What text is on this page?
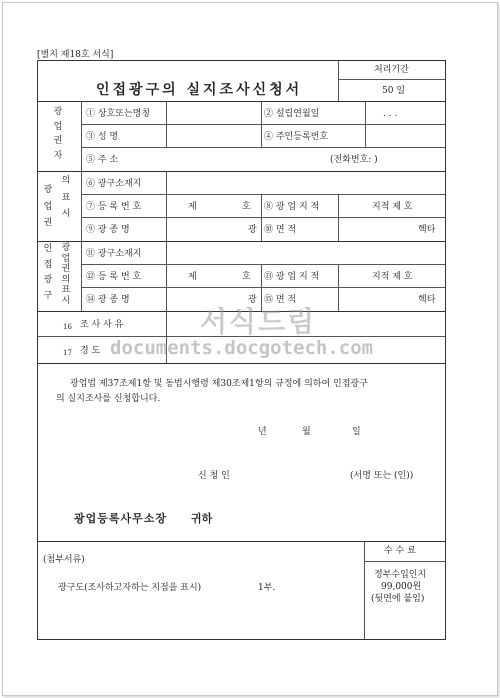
[별지 제18호 서식]
인접광구의 실지조사신청서
처리기간
50 일
광
업
권
자
① 상호또는명칭	② 설립연월일	. . .
③ 성 명	④ 주민등록번호
⑤ 주 소	(전화번호: )
광
업
권
의
표
시
⑥ 광구소재지
⑦ 등 록 번 호	제	호 ⑧ 광 업 지 적	지적 제 호
⑨ 광 종 명	광 ⑩ 면 적	헥타
인
접
광
구
광
업
권
의
표
시
⑪ 광구소재지
⑫ 등 록 번 호	제	호 ⑬ 광 업 지 적	지적 제 호
⑭ 광 종 명	광 ⑮ 면 적	헥타
16 조 사 사 유
17 경 도
광업법 제37조제1항 및 동법시행령 제30조제1항의 규정에 의하여 인접광구
의 실지조사를 신청합니다.
년	월	일
신 청 인	(서명 또는 (인))
광업등록사무소장 귀하
(첨부서류)
광구도(조사하고자하는 지점을 표시)	1부.
수 수 료
정부수입인지
99,000원
(뒷면에 붙임)
서식드림
documents.docgotech.com
